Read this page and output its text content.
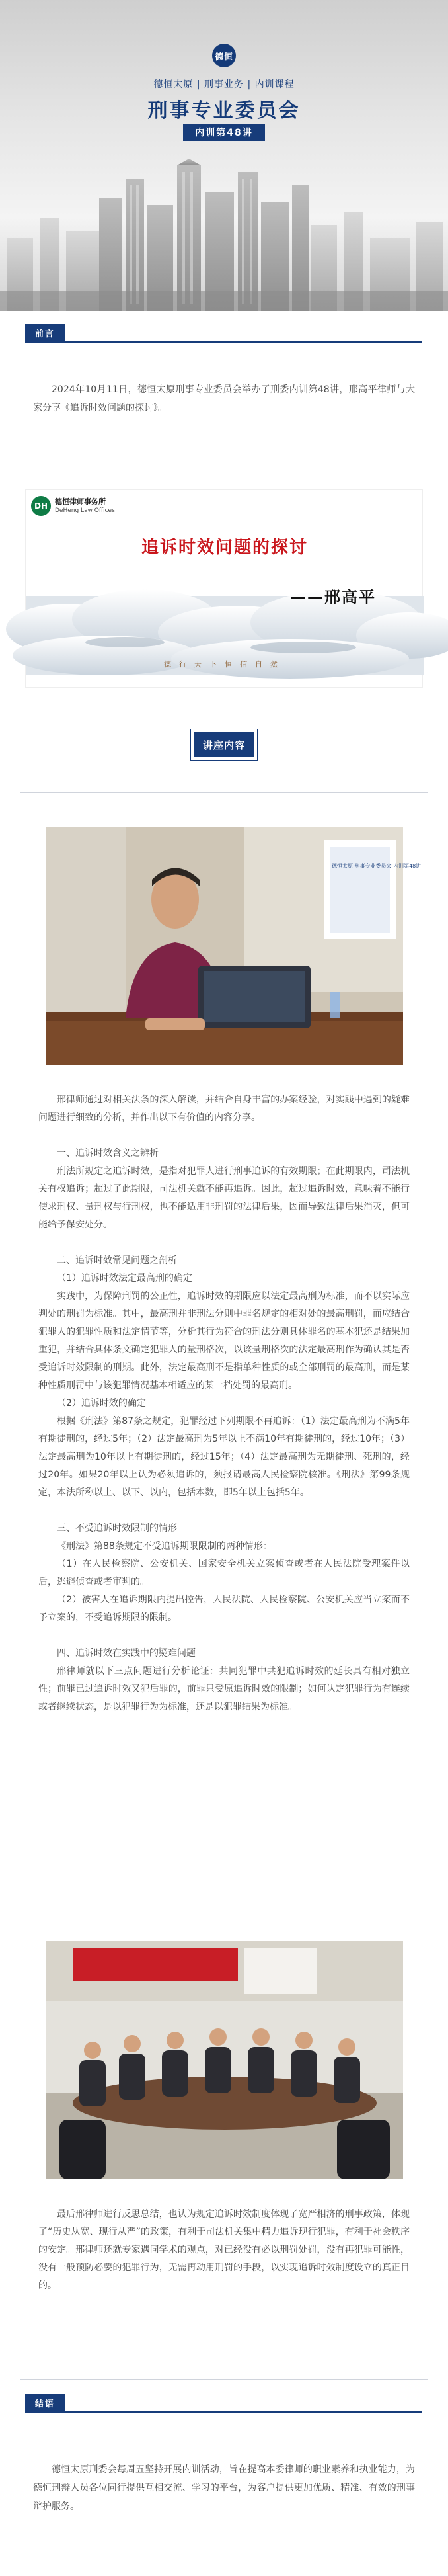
德恒
德恒太原 | 刑事业务 | 内训课程
刑事专业委员会
内训第48讲
前言
2024年10月11日，德恒太原刑事专业委员会举办了刑委内训第48讲，邢高平律师与大家分享《追诉时效问题的探讨》。
DH	德恒律师事务所
DeHeng Law Offices
追诉时效问题的探讨
——邢高平
德行天下恒信自然
讲座内容
德恒太原 刑事专业委员会 内训第48讲
邢律师通过对相关法条的深入解读，并结合自身丰富的办案经验，对实践中遇到的疑难问题进行细致的分析，并作出以下有价值的内容分享。
一、追诉时效含义之辨析
刑法所规定之追诉时效，是指对犯罪人进行刑事追诉的有效期限；在此期限内，司法机关有权追诉；超过了此期限，司法机关就不能再追诉。因此，超过追诉时效，意味着不能行使求刑权、量刑权与行刑权，也不能适用非刑罚的法律后果，因而导致法律后果消灭，但可能给予保安处分。
二、追诉时效常见问题之剖析
（1）追诉时效法定最高刑的确定
实践中，为保障刑罚的公正性，追诉时效的期限应以法定最高刑为标准，而不以实际应判处的刑罚为标准。其中，最高刑并非刑法分则中罪名规定的相对处的最高刑罚，而应结合犯罪人的犯罪性质和法定情节等，分析其行为符合的刑法分则具体罪名的基本犯还是结果加重犯，并结合具体条文确定犯罪人的量刑格次，以该量刑格次的法定最高刑作为确认其是否受追诉时效限制的刑期。此外，法定最高刑不是指单种性质的或全部刑罚的最高刑，而是某种性质刑罚中与该犯罪情况基本相适应的某一档处罚的最高刑。
（2）追诉时效的确定
根据《刑法》第87条之规定，犯罪经过下列期限不再追诉：（1）法定最高刑为不满5年有期徒刑的，经过5年；（2）法定最高刑为5年以上不满10年有期徒刑的，经过10年；（3）法定最高刑为10年以上有期徒刑的，经过15年；（4）法定最高刑为无期徒刑、死刑的，经过20年。如果20年以上认为必须追诉的，须报请最高人民检察院核准。《刑法》第99条规定，本法所称以上、以下、以内，包括本数，即5年以上包括5年。
三、不受追诉时效限制的情形
《刑法》第88条规定不受追诉期限限制的两种情形：
（1）在人民检察院、公安机关、国家安全机关立案侦查或者在人民法院受理案件以后，逃避侦查或者审判的。
（2）被害人在追诉期限内提出控告，人民法院、人民检察院、公安机关应当立案而不予立案的，不受追诉期限的限制。
四、追诉时效在实践中的疑难问题
邢律师就以下三点问题进行分析论证：共同犯罪中共犯追诉时效的延长具有相对独立性；前罪已过追诉时效又犯后罪的，前罪只受原追诉时效的限制；如何认定犯罪行为有连续或者继续状态，是以犯罪行为为标准，还是以犯罪结果为标准。
最后邢律师进行反思总结，也认为规定追诉时效制度体现了宽严相济的刑事政策，体现了“历史从宽、现行从严”的政策，有利于司法机关集中精力追诉现行犯罪，有利于社会秩序的安定。邢律师还就专家遇同学术的观点，对已经没有必以刑罚处罚，没有再犯罪可能性，没有一般预防必要的犯罪行为，无需再动用刑罚的手段，以实现追诉时效制度设立的真正目的。
结语
德恒太原刑委会每周五坚持开展内训活动，旨在提高本委律师的职业素养和执业能力，为德恒刑辩人员各位同行提供互相交流、学习的平台，为客户提供更加优质、精准、有效的刑事辩护服务。
